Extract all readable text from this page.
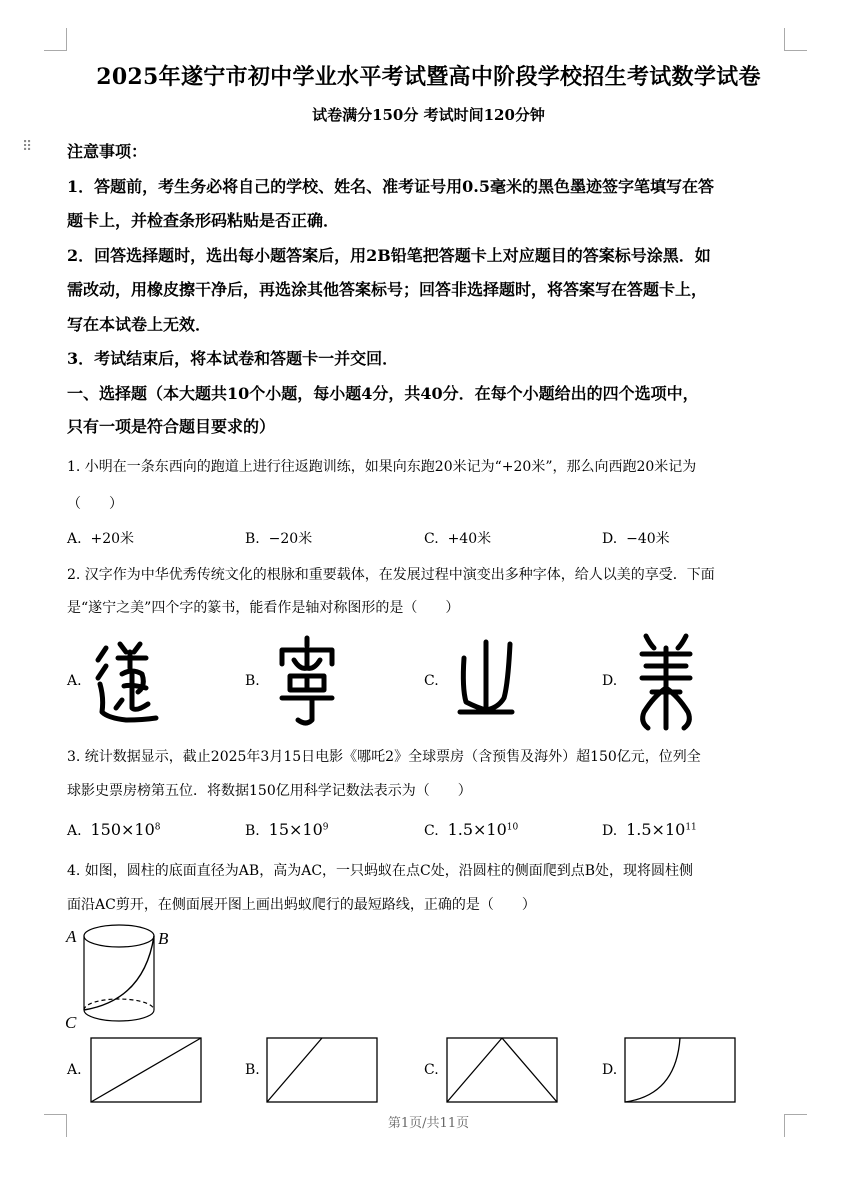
2025年遂宁市初中学业水平考试暨高中阶段学校招生考试数学试卷
试卷满分150分 考试时间120分钟
⠿ 注意事项：
1．答题前，考生务必将自己的学校、姓名、准考证号用0.5毫米的黑色墨迹签字笔填写在答
题卡上，并检查条形码粘贴是否正确．
2．回答选择题时，选出每小题答案后，用2B铅笔把答题卡上对应题目的答案标号涂黑．如
需改动，用橡皮擦干净后，再选涂其他答案标号；回答非选择题时，将答案写在答题卡上，
写在本试卷上无效．
3．考试结束后，将本试卷和答题卡一并交回．
一、选择题（本大题共10个小题，每小题4分，共40分．在每个小题给出的四个选项中，
只有一项是符合题目要求的）
1. 小明在一条东西向的跑道上进行往返跑训练，如果向东跑20米记为“+20米”，那么向西跑20米记为
（　　）
A. +20米	B. −20米	C. +40米	D. −40米
2. 汉字作为中华优秀传统文化的根脉和重要载体，在发展过程中演变出多种字体，给人以美的享受．下面
是“遂宁之美”四个字的篆书，能看作是轴对称图形的是（　　）
A.	B.	C.	D.
3. 统计数据显示，截止2025年3月15日电影《哪吒2》全球票房（含预售及海外）超150亿元，位列全
球影史票房榜第五位．将数据150亿用科学记数法表示为（　　）
A. $150\times 10^8$	B. $15\times 10^9$	C. $1.5\times 10^{10}$	D. $1.5\times 10^{11}$
4. 如图，圆柱的底面直径为AB，高为AC，一只蚂蚁在点C处，沿圆柱的侧面爬到点B处，现将圆柱侧
面沿AC剪开，在侧面展开图上画出蚂蚁爬行的最短路线，正确的是（　　）
A	B
C
A.	B.	C.	D.
第1页/共11页
